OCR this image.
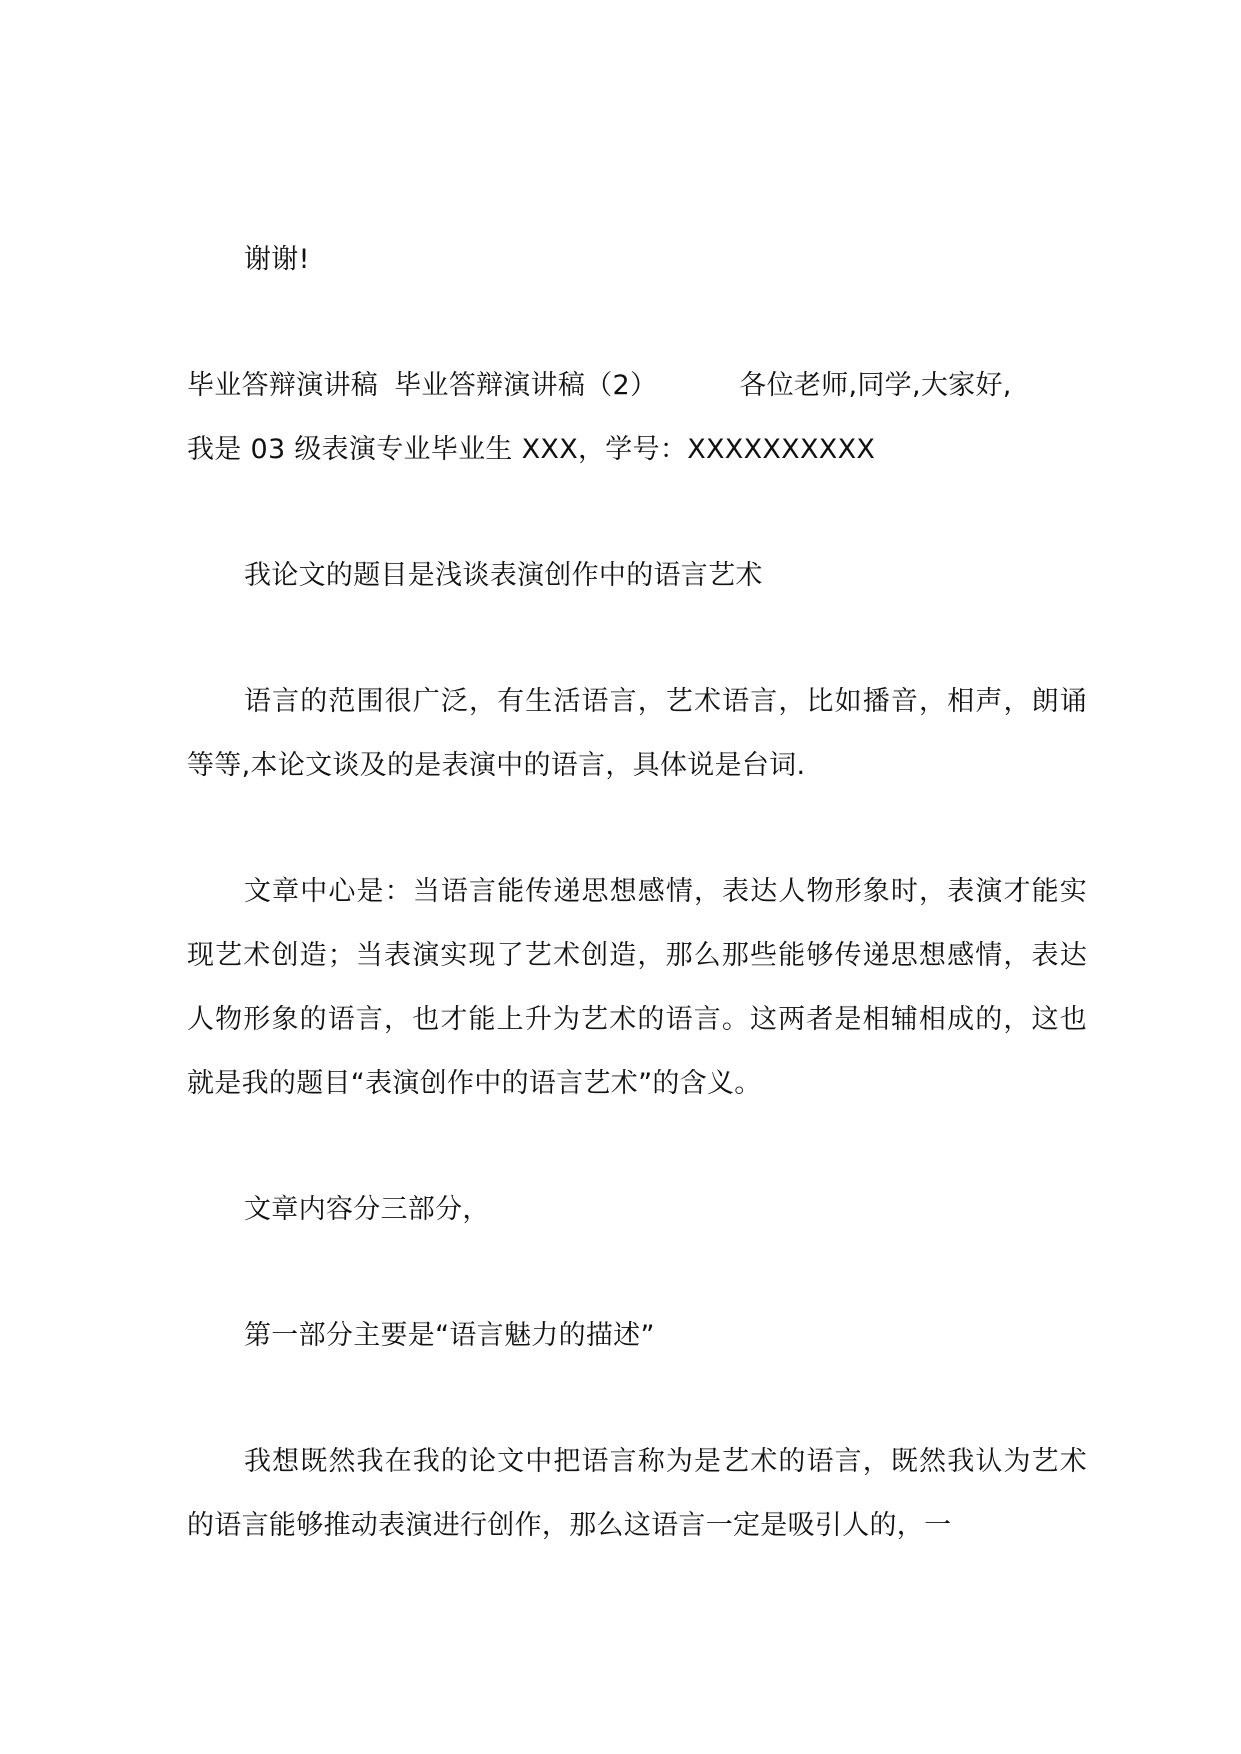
谢谢!

毕业答辩演讲稿 毕业答辩演讲稿（2）	各位老师,同学,大家好,
我是 03 级表演专业毕业生 XXX，学号：XXXXXXXXXX

我论文的题目是浅谈表演创作中的语言艺术

语言的范围很广泛，有生活语言，艺术语言，比如播音，相声，朗诵等等,本论文谈及的是表演中的语言，具体说是台词.

文章中心是：当语言能传递思想感情，表达人物形象时，表演才能实现艺术创造；当表演实现了艺术创造，那么那些能够传递思想感情，表达人物形象的语言，也才能上升为艺术的语言。这两者是相辅相成的，这也就是我的题目“表演创作中的语言艺术”的含义。

文章内容分三部分，

第一部分主要是“语言魅力的描述”

我想既然我在我的论文中把语言称为是艺术的语言，既然我认为艺术的语言能够推动表演进行创作，那么这语言一定是吸引人的，一
